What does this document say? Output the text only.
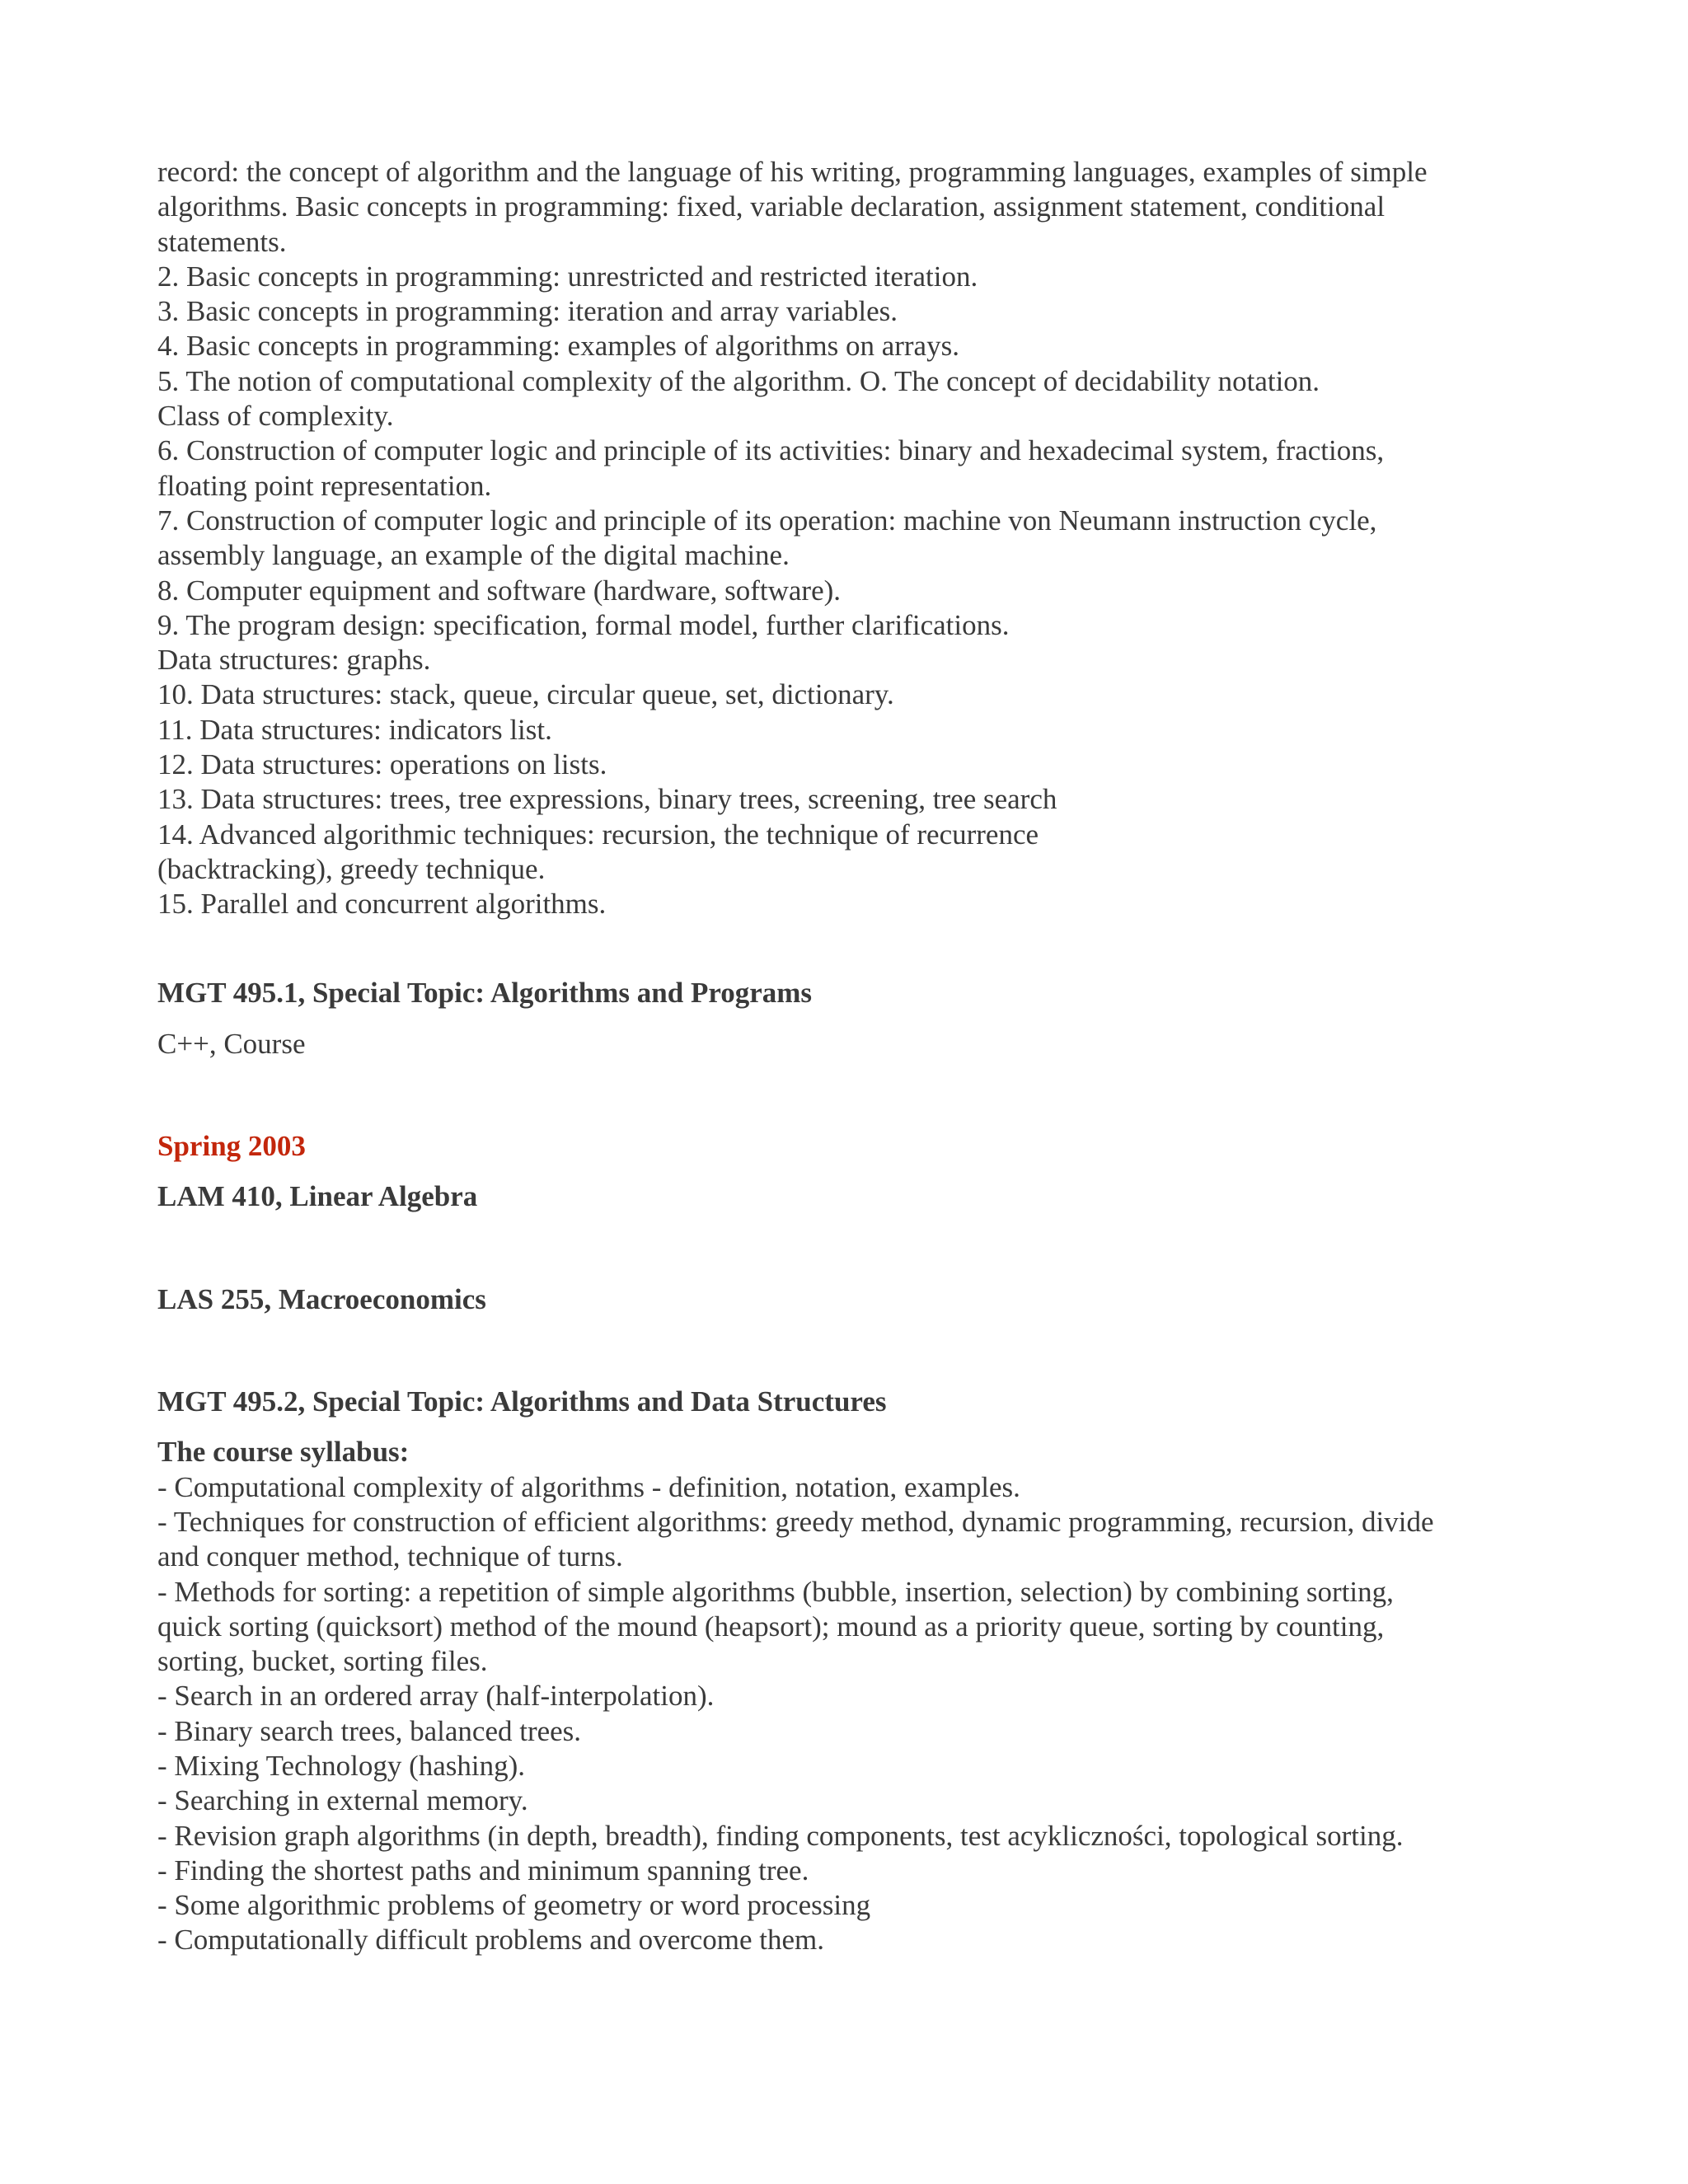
record: the concept of algorithm and the language of his writing, programming languages, examples of simple

algorithms. Basic concepts in programming: fixed, variable declaration, assignment statement, conditional

statements.

2. Basic concepts in programming: unrestricted and restricted iteration.

3. Basic concepts in programming: iteration and array variables.

4. Basic concepts in programming: examples of algorithms on arrays.

5. The notion of computational complexity of the algorithm. O. The concept of decidability notation.

Class of complexity.

6. Construction of computer logic and principle of its activities: binary and hexadecimal system, fractions,

floating point representation.

7. Construction of computer logic and principle of its operation: machine von Neumann instruction cycle,

assembly language, an example of the digital machine.

8. Computer equipment and software (hardware, software).

9. The program design: specification, formal model, further clarifications.

Data structures: graphs.

10. Data structures: stack, queue, circular queue, set, dictionary.

11. Data structures: indicators list.

12. Data structures: operations on lists.

13. Data structures: trees, tree expressions, binary trees, screening, tree search

14. Advanced algorithmic techniques: recursion, the technique of recurrence

(backtracking), greedy technique.

15. Parallel and concurrent algorithms.

MGT 495.1, Special Topic: Algorithms and Programs

C++, Course

Spring 2003

LAM 410, Linear Algebra

LAS 255, Macroeconomics

MGT 495.2, Special Topic: Algorithms and Data Structures

The course syllabus:

- Computational complexity of algorithms - definition, notation, examples.

- Techniques for construction of efficient algorithms: greedy method, dynamic programming, recursion, divide

and conquer method, technique of turns.

- Methods for sorting: a repetition of simple algorithms (bubble, insertion, selection) by combining sorting,

quick sorting (quicksort) method of the mound (heapsort); mound as a priority queue, sorting by counting,

sorting, bucket, sorting files.

- Search in an ordered array (half-interpolation).

- Binary search trees, balanced trees.

- Mixing Technology (hashing).

- Searching in external memory.

- Revision graph algorithms (in depth, breadth), finding components, test acykliczności, topological sorting.

- Finding the shortest paths and minimum spanning tree.

- Some algorithmic problems of geometry or word processing

- Computationally difficult problems and overcome them.
